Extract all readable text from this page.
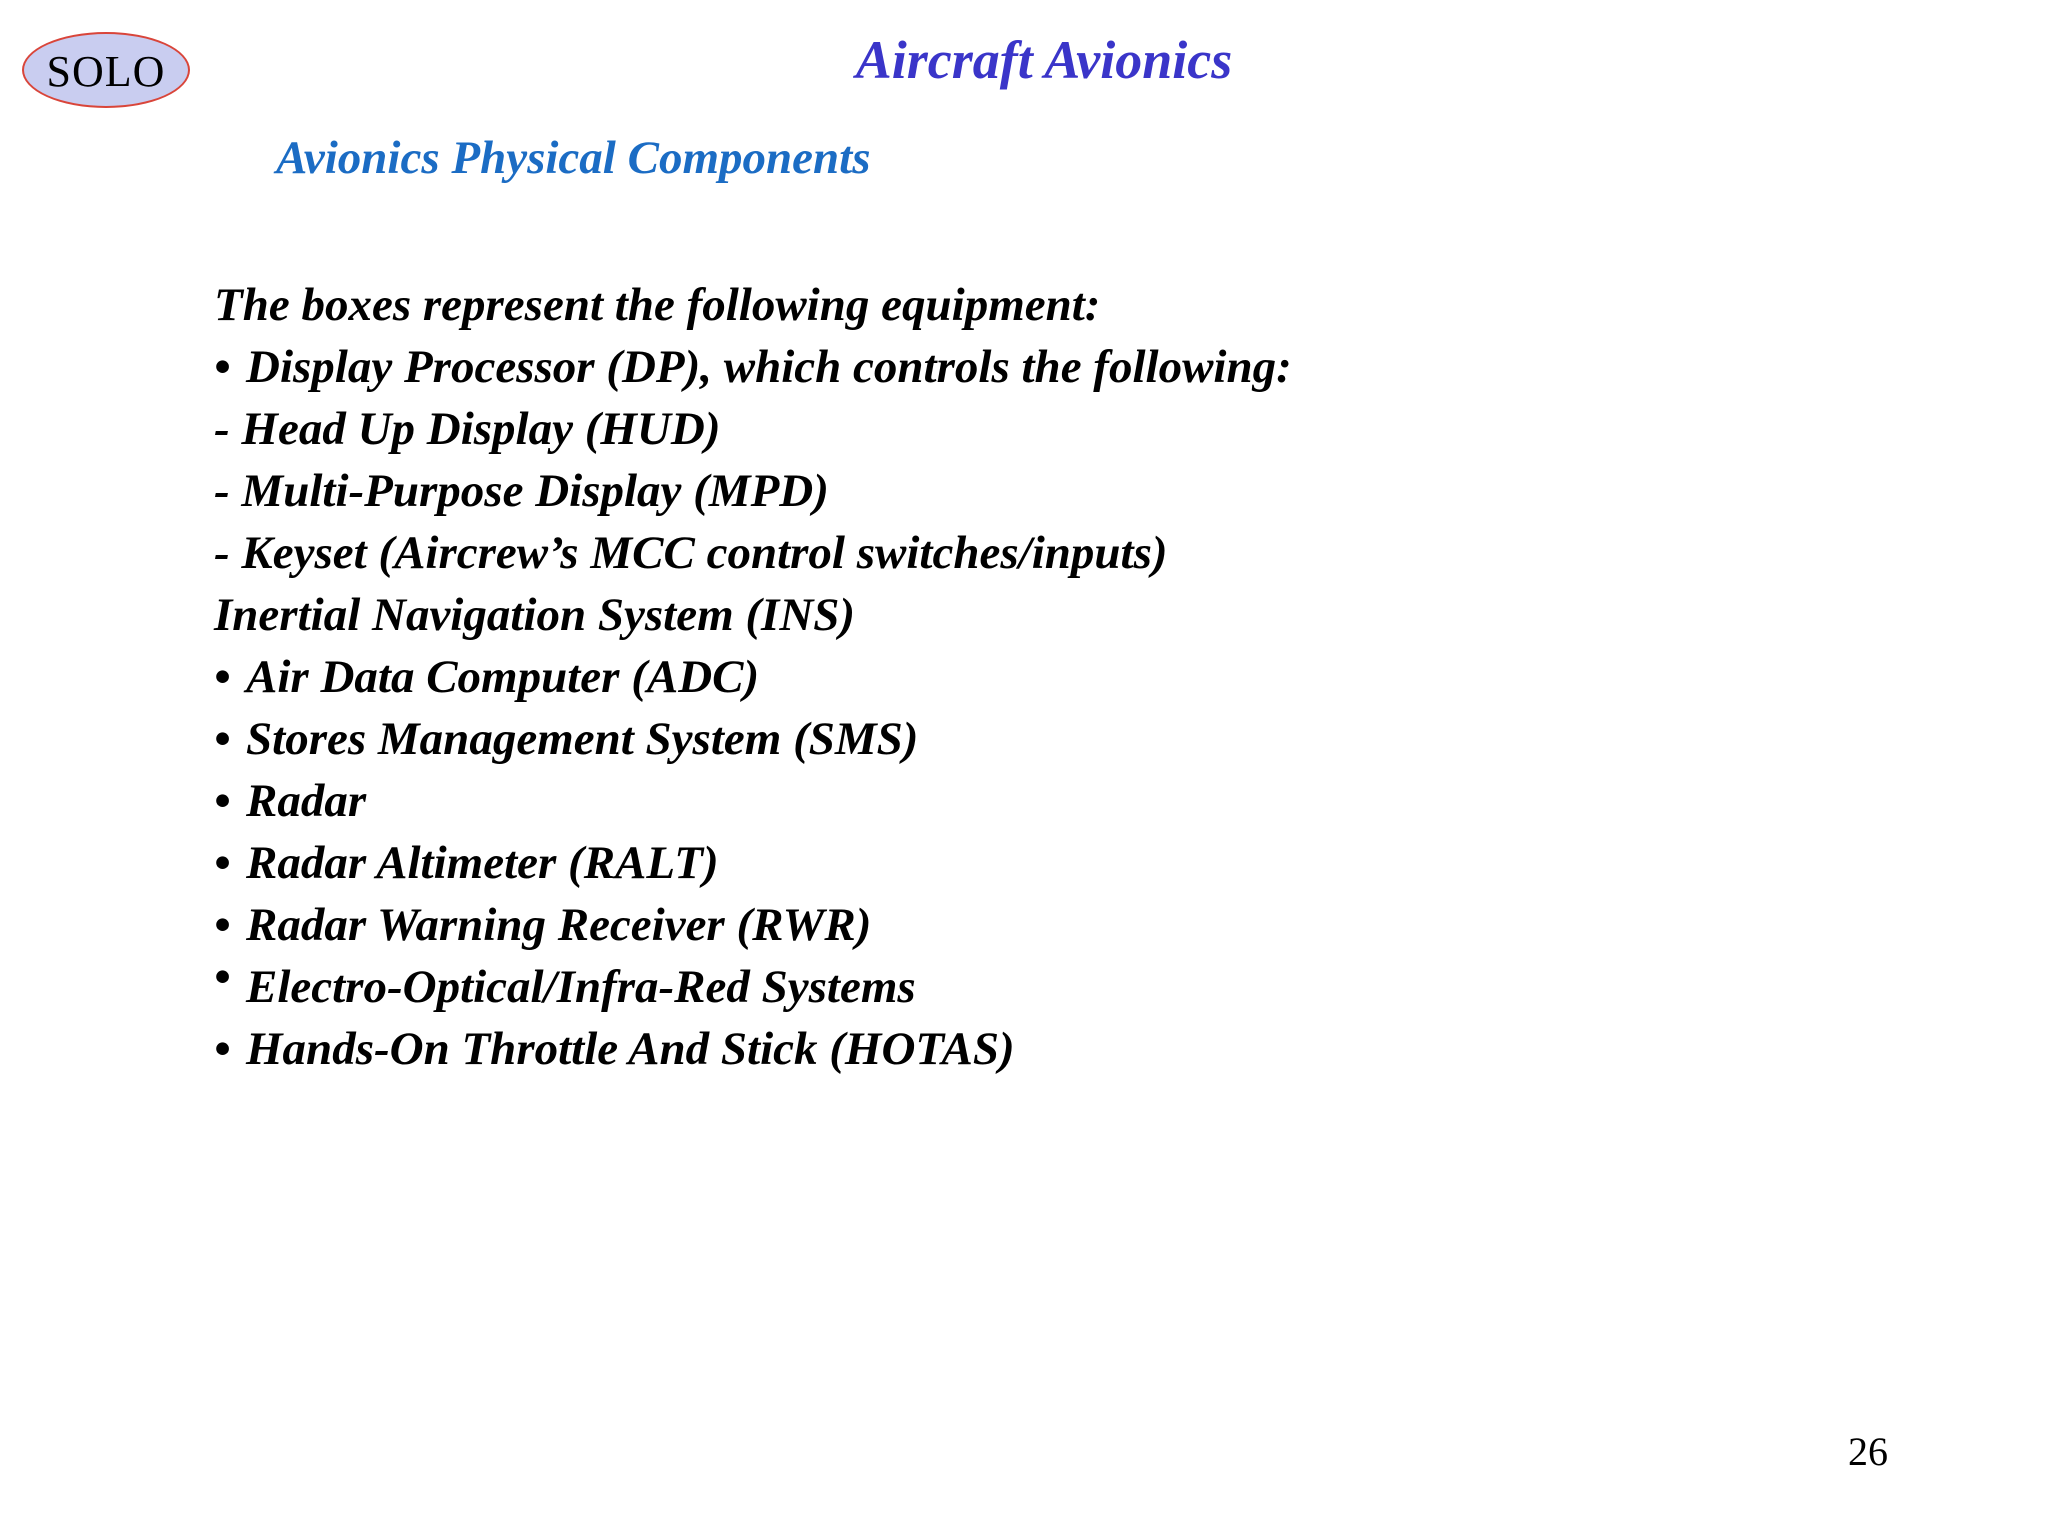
SOLO	Aircraft Avionics
Avionics Physical Components
The boxes represent the following equipment:
• Display Processor (DP), which controls the following:
- Head Up Display (HUD)
- Multi-Purpose Display (MPD)
- Keyset (Aircrew’s MCC control switches/inputs)
Inertial Navigation System (INS)
• Air Data Computer (ADC)
• Stores Management System (SMS)
• Radar
• Radar Altimeter (RALT)
• Radar Warning Receiver (RWR)
• Electro-Optical/Infra-Red Systems
• Hands-On Throttle And Stick (HOTAS)
26
